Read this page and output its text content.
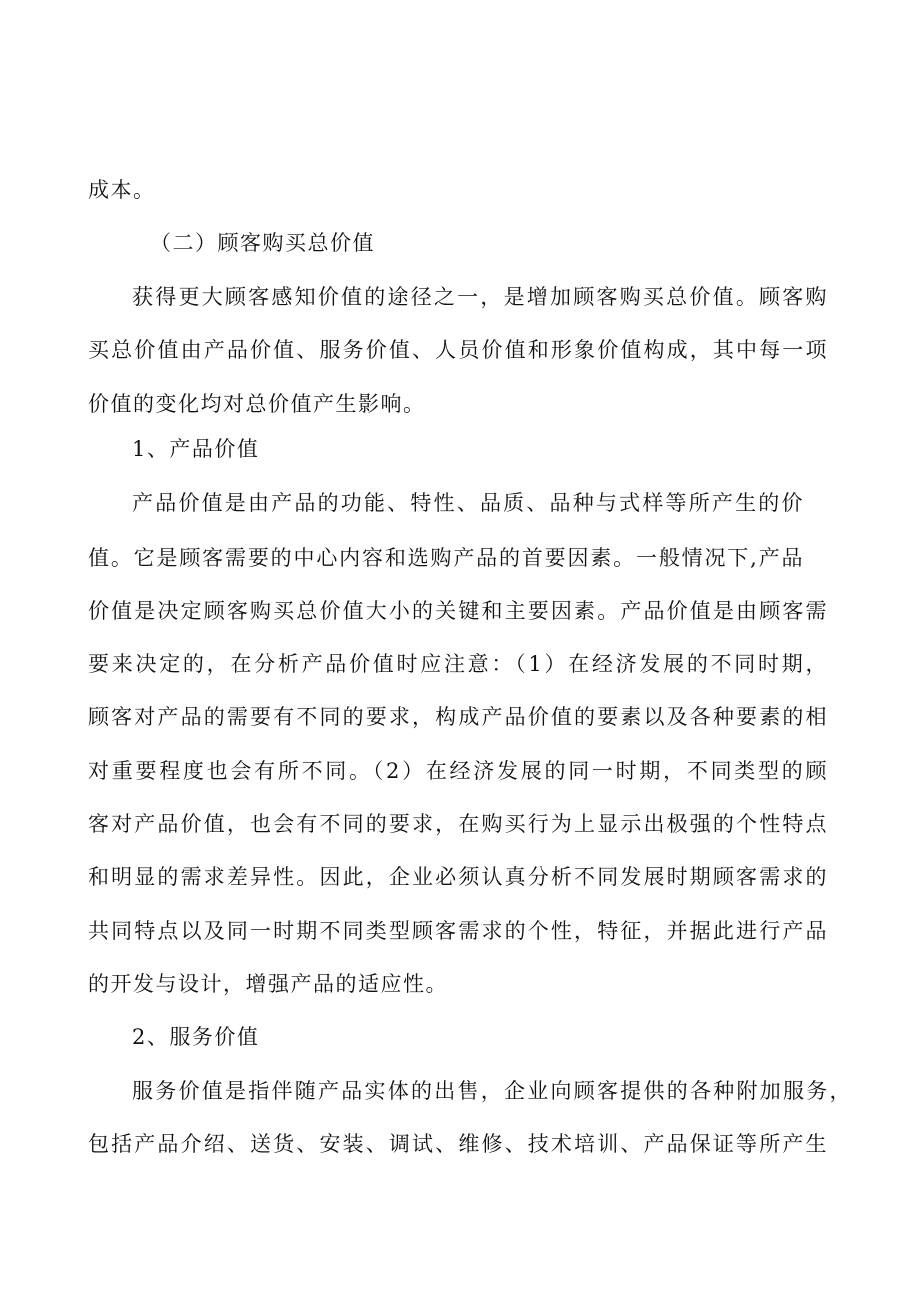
成本。
（二）顾客购买总价值
获得更大顾客感知价值的途径之一，是增加顾客购买总价值。顾客购
买总价值由产品价值、服务价值、人员价值和形象价值构成，其中每一项
价值的变化均对总价值产生影响。
1、产品价值
产品价值是由产品的功能、特性、品质、品种与式样等所产生的价
值。它是顾客需要的中心内容和选购产品的首要因素。一般情况下,产品
价值是决定顾客购买总价值大小的关键和主要因素。产品价值是由顾客需
要来决定的，在分析产品价值时应注意：（1）在经济发展的不同时期，
顾客对产品的需要有不同的要求，构成产品价值的要素以及各种要素的相
对重要程度也会有所不同。（2）在经济发展的同一时期，不同类型的顾
客对产品价值，也会有不同的要求，在购买行为上显示出极强的个性特点
和明显的需求差异性。因此，企业必须认真分析不同发展时期顾客需求的
共同特点以及同一时期不同类型顾客需求的个性，特征，并据此进行产品
的开发与设计，增强产品的适应性。
2、服务价值
服务价值是指伴随产品实体的出售，企业向顾客提供的各种附加服务，
包括产品介绍、送货、安装、调试、维修、技术培训、产品保证等所产生
